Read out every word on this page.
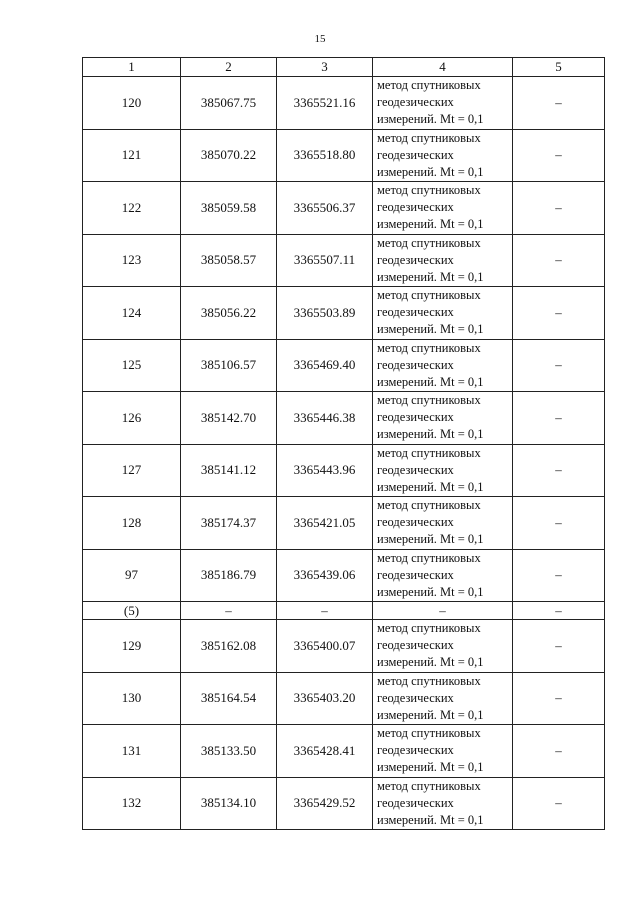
15
1	2	3	4	5
120	385067.75	3365521.16	метод спутниковых
геодезических
измерений. Mt = 0,1	–
121	385070.22	3365518.80	метод спутниковых
геодезических
измерений. Mt = 0,1	–
122	385059.58	3365506.37	метод спутниковых
геодезических
измерений. Mt = 0,1	–
123	385058.57	3365507.11	метод спутниковых
геодезических
измерений. Mt = 0,1	–
124	385056.22	3365503.89	метод спутниковых
геодезических
измерений. Mt = 0,1	–
125	385106.57	3365469.40	метод спутниковых
геодезических
измерений. Mt = 0,1	–
126	385142.70	3365446.38	метод спутниковых
геодезических
измерений. Mt = 0,1	–
127	385141.12	3365443.96	метод спутниковых
геодезических
измерений. Mt = 0,1	–
128	385174.37	3365421.05	метод спутниковых
геодезических
измерений. Mt = 0,1	–
97	385186.79	3365439.06	метод спутниковых
геодезических
измерений. Mt = 0,1	–
(5)	–	–	–	–
129	385162.08	3365400.07	метод спутниковых
геодезических
измерений. Mt = 0,1	–
130	385164.54	3365403.20	метод спутниковых
геодезических
измерений. Mt = 0,1	–
131	385133.50	3365428.41	метод спутниковых
геодезических
измерений. Mt = 0,1	–
132	385134.10	3365429.52	метод спутниковых
геодезических
измерений. Mt = 0,1	–
